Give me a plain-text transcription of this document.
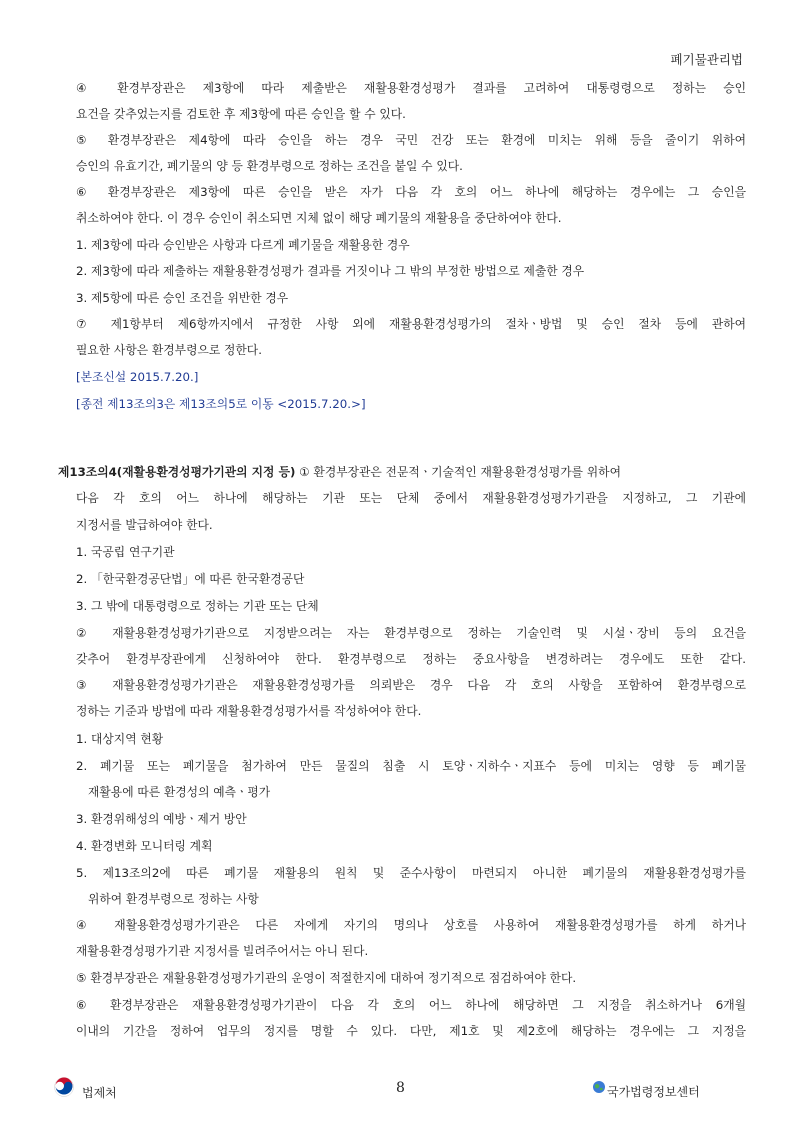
폐기물관리법
④ 환경부장관은 제3항에 따라 제출받은 재활용환경성평가 결과를 고려하여 대통령령으로 정하는 승인
요건을 갖추었는지를 검토한 후 제3항에 따른 승인을 할 수 있다.
⑤ 환경부장관은 제4항에 따라 승인을 하는 경우 국민 건강 또는 환경에 미치는 위해 등을 줄이기 위하여
승인의 유효기간, 폐기물의 양 등 환경부령으로 정하는 조건을 붙일 수 있다.
⑥ 환경부장관은 제3항에 따른 승인을 받은 자가 다음 각 호의 어느 하나에 해당하는 경우에는 그 승인을
취소하여야 한다. 이 경우 승인이 취소되면 지체 없이 해당 폐기물의 재활용을 중단하여야 한다.
1. 제3항에 따라 승인받은 사항과 다르게 폐기물을 재활용한 경우
2. 제3항에 따라 제출하는 재활용환경성평가 결과를 거짓이나 그 밖의 부정한 방법으로 제출한 경우
3. 제5항에 따른 승인 조건을 위반한 경우
⑦ 제1항부터 제6항까지에서 규정한 사항 외에 재활용환경성평가의 절차ㆍ방법 및 승인 절차 등에 관하여
필요한 사항은 환경부령으로 정한다.
[본조신설 2015.7.20.]
[종전 제13조의3은 제13조의5로 이동 <2015.7.20.>]
제13조의4(재활용환경성평가기관의 지정 등) ① 환경부장관은 전문적ㆍ기술적인 재활용환경성평가를 위하여
다음 각 호의 어느 하나에 해당하는 기관 또는 단체 중에서 재활용환경성평가기관을 지정하고, 그 기관에
지정서를 발급하여야 한다.
1. 국공립 연구기관
2. 「한국환경공단법」에 따른 한국환경공단
3. 그 밖에 대통령령으로 정하는 기관 또는 단체
② 재활용환경성평가기관으로 지정받으려는 자는 환경부령으로 정하는 기술인력 및 시설ㆍ장비 등의 요건을
갖추어 환경부장관에게 신청하여야 한다. 환경부령으로 정하는 중요사항을 변경하려는 경우에도 또한 같다.
③ 재활용환경성평가기관은 재활용환경성평가를 의뢰받은 경우 다음 각 호의 사항을 포함하여 환경부령으로
정하는 기준과 방법에 따라 재활용환경성평가서를 작성하여야 한다.
1. 대상지역 현황
2. 폐기물 또는 폐기물을 첨가하여 만든 물질의 침출 시 토양ㆍ지하수ㆍ지표수 등에 미치는 영향 등 폐기물
재활용에 따른 환경성의 예측ㆍ평가
3. 환경위해성의 예방ㆍ제거 방안
4. 환경변화 모니터링 계획
5. 제13조의2에 따른 폐기물 재활용의 원칙 및 준수사항이 마련되지 아니한 폐기물의 재활용환경성평가를
위하여 환경부령으로 정하는 사항
④ 재활용환경성평가기관은 다른 자에게 자기의 명의나 상호를 사용하여 재활용환경성평가를 하게 하거나
재활용환경성평가기관 지정서를 빌려주어서는 아니 된다.
⑤ 환경부장관은 재활용환경성평가기관의 운영이 적절한지에 대하여 정기적으로 점검하여야 한다.
⑥ 환경부장관은 재활용환경성평가기관이 다음 각 호의 어느 하나에 해당하면 그 지정을 취소하거나 6개월
이내의 기간을 정하여 업무의 정지를 명할 수 있다. 다만, 제1호 및 제2호에 해당하는 경우에는 그 지정을
법제처	8	국가법령정보센터
